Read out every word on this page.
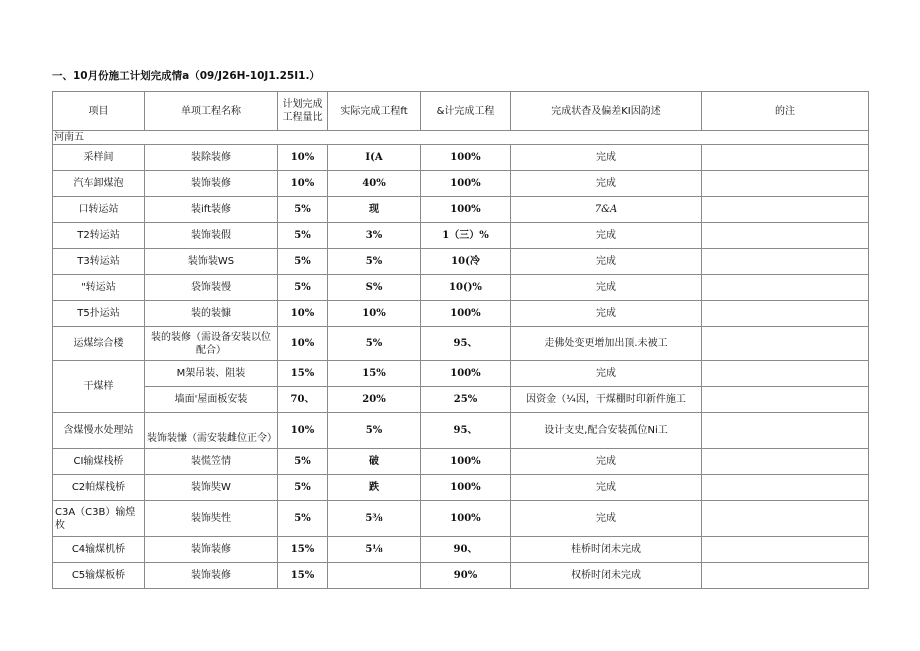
一、10月份施工计划完成情a（09/J26H-10J1.25I1.）
项目	单项工程名称	计划完成工程量比	实际完成工程ft	&计完成工程	完成状杳及偏差KI因韵述	的注
河南五						
采样间	装除装修	10%	I(A	100%	完成	
汽车卸煤泡	装饰装修	10%	40%	100%	完成	
口转运站	装ift装修	5%	现	100%	7&A	
T2转运站	装饰装假	5%	3%	1（三）%	完成	
T3转运站	装饰装WS	5%	5%	10(冷	完成	
"转运站	袋饰装慢	5%	S%	10()%	完成	
T5扑运站	装的装慷	10%	10%	100%	完成	
运煤综合楼	装的装修（需设备安装以位配合）	10%	5%	95、	走佛处变更增加出顶.未被工	
干煤样	M架吊装、阻装	15%	15%	100%	完成	
	墙面'屋面板安装	70、	20%	25%	因资金（¼因，干煤棚时印新件施工	
含煤慢水处理站	装饰装慊（需安装雌位正令）	10%	5%	95、	设计支史,配合安装孤位Ni工	
CI输煤栈桥	装慌笠情	5%	破	100%	完成	
C2帕煤栈桥	装饰奘W	5%	跌	100%	完成	
C3A（C3B）输煌枚	装饰奘性	5%	5⅜	100%	完成	
C4输煤机桥	装饰装修	15%	5⅛	90、	桂桥时闭未完成	
C5输煤板桥	装饰装修	15%		90%	权桥时闭未完成	
